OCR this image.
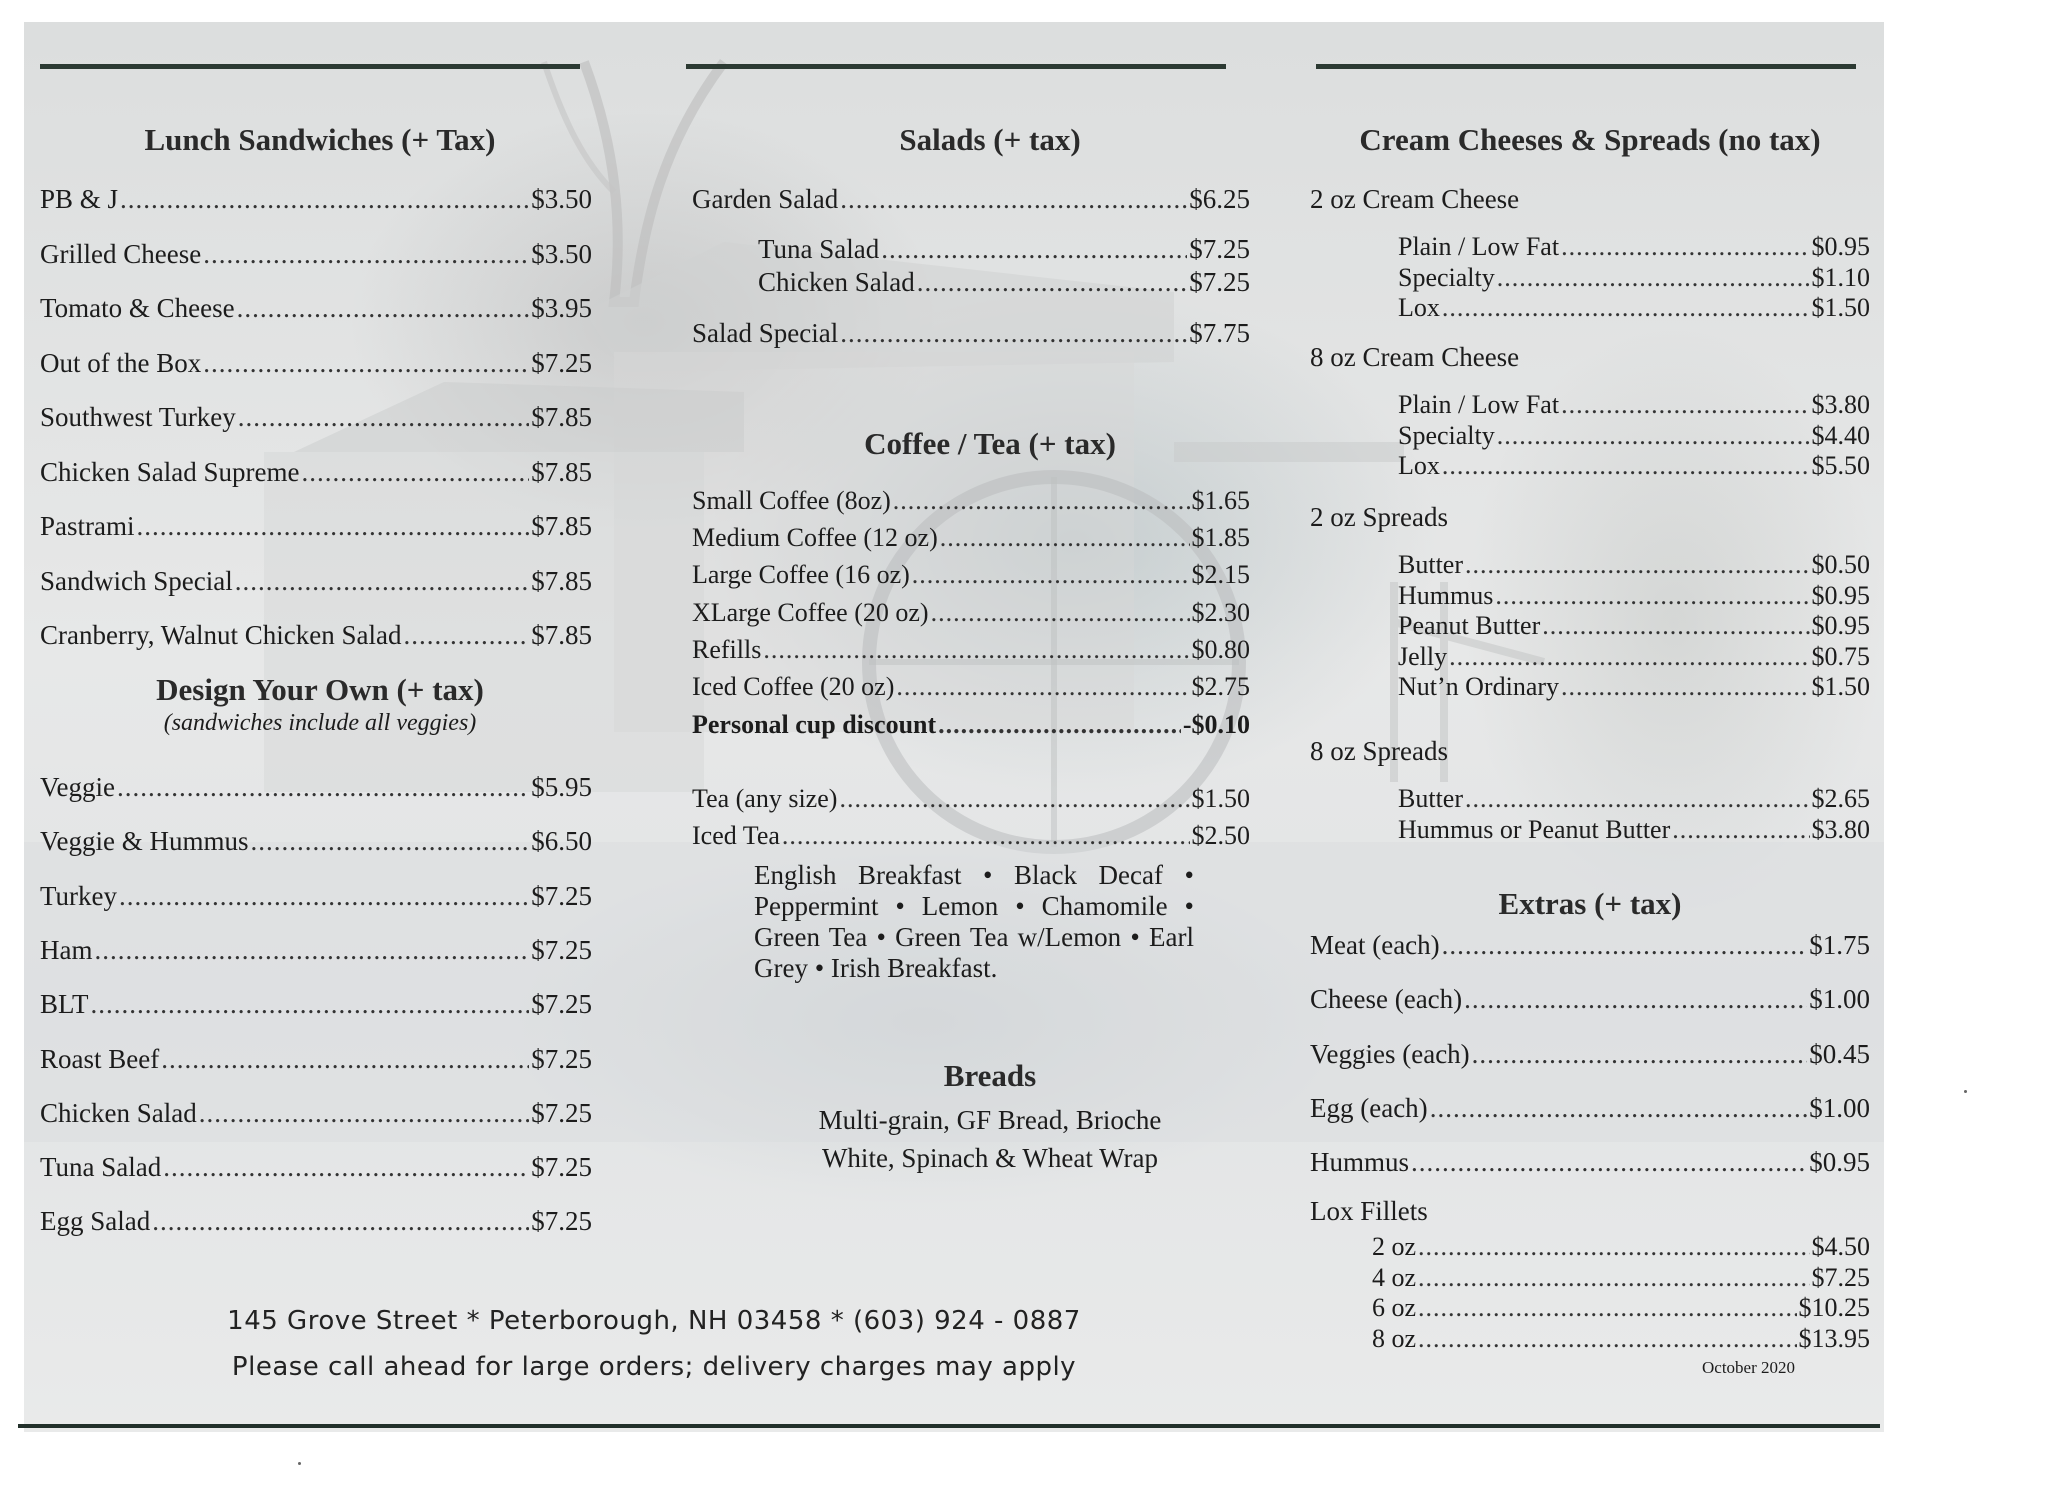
Lunch Sandwiches (+ Tax)
PB & J .....	$3.50
Grilled Cheese .....	$3.50
Tomato & Cheese .....	$3.95
Out of the Box .....	$7.25
Southwest Turkey .....	$7.85
Chicken Salad Supreme .....	$7.85
Pastrami .....	$7.85
Sandwich Special .....	$7.85
Cranberry, Walnut Chicken Salad .....	$7.85
Design Your Own (+ tax)
(sandwiches include all veggies)
Veggie .....	$5.95
Veggie & Hummus .....	$6.50
Turkey .....	$7.25
Ham .....	$7.25
BLT .....	$7.25
Roast Beef .....	$7.25
Chicken Salad .....	$7.25
Tuna Salad .....	$7.25
Egg Salad .....	$7.25
Salads (+ tax)
Garden Salad .....	$6.25
Tuna Salad .....	$7.25
Chicken Salad .....	$7.25
Salad Special .....	$7.75
Coffee / Tea (+ tax)
Small Coffee (8oz) .....	$1.65
Medium Coffee (12 oz) .....	$1.85
Large Coffee (16 oz) .....	$2.15
XLarge Coffee (20 oz) .....	$2.30
Refills .....	$0.80
Iced Coffee (20 oz) .....	$2.75
Personal cup discount .....	-$0.10
Tea (any size) .....	$1.50
Iced Tea .....	$2.50
English Breakfast • Black Decaf • Peppermint • Lemon • Chamomile • Green Tea • Green Tea w/Lemon • Earl Grey • Irish Breakfast.
Breads
Multi-grain, GF Bread, Brioche
White, Spinach & Wheat Wrap
Cream Cheeses & Spreads (no tax)
2 oz Cream Cheese
Plain / Low Fat .....	$0.95
Specialty .....	$1.10
Lox .....	$1.50
8 oz Cream Cheese
Plain / Low Fat .....	$3.80
Specialty .....	$4.40
Lox .....	$5.50
2 oz Spreads
Butter .....	$0.50
Hummus .....	$0.95
Peanut Butter .....	$0.95
Jelly .....	$0.75
Nut’n Ordinary .....	$1.50
8 oz Spreads
Butter .....	$2.65
Hummus or Peanut Butter .....	$3.80
Extras (+ tax)
Meat (each) .....	$1.75
Cheese (each) .....	$1.00
Veggies (each) .....	$0.45
Egg (each) .....	$1.00
Hummus .....	$0.95
Lox Fillets
2 oz .....	$4.50
4 oz .....	$7.25
6 oz .....	$10.25
8 oz .....	$13.95
145 Grove Street * Peterborough, NH 03458 * (603) 924 - 0887
Please call ahead for large orders; delivery charges may apply	October 2020
